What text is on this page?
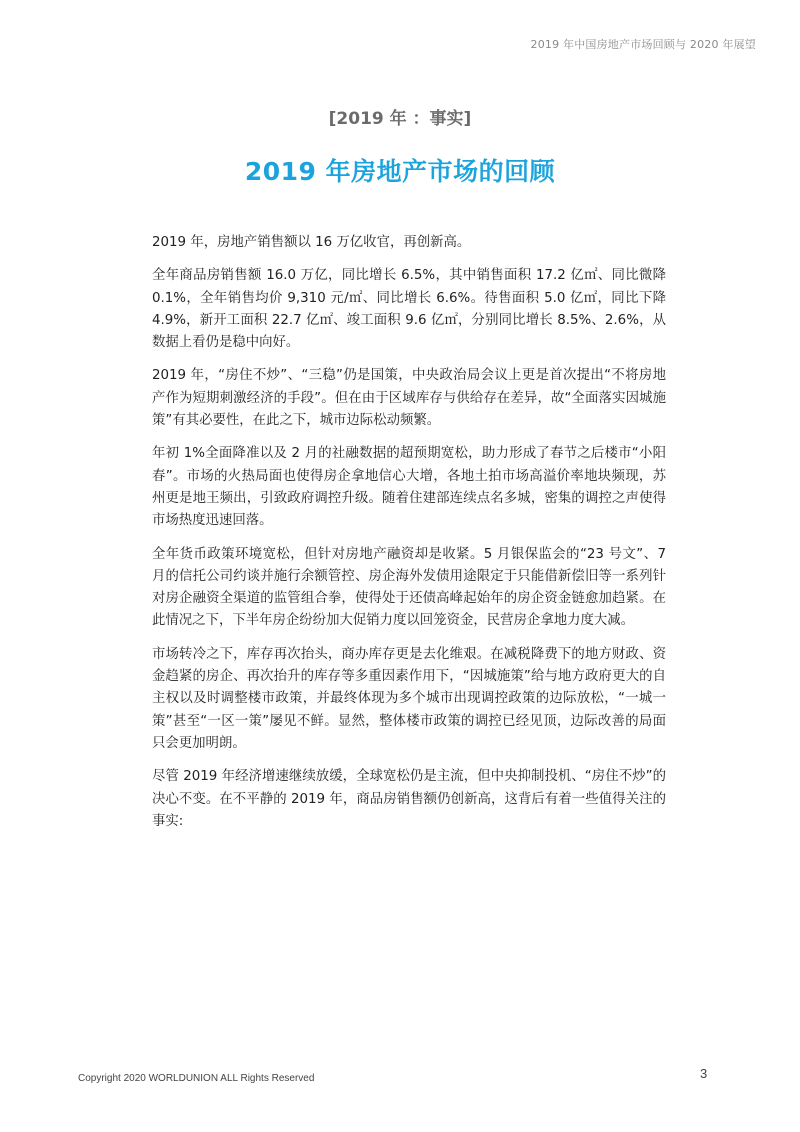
2019 年中国房地产市场回顾与 2020 年展望
[2019 年 ：事实]
2019 年房地产市场的回顾

2019 年，房地产销售额以 16 万亿收官，再创新高。

全年商品房销售额 16.0 万亿，同比增长 6.5%，其中销售面积 17.2 亿㎡、同比微降 0.1%，全年销售均价 9,310 元/㎡、同比增长 6.6%。待售面积 5.0 亿㎡，同比下降 4.9%，新开工面积 22.7 亿㎡、竣工面积 9.6 亿㎡，分别同比增长 8.5%、2.6%，从数据上看仍是稳中向好。

2019 年，“房住不炒”、“三稳”仍是国策，中央政治局会议上更是首次提出“不将房地产作为短期刺激经济的手段”。但在由于区域库存与供给存在差异，故“全面落实因城施策”有其必要性，在此之下，城市边际松动频繁。

年初 1%全面降准以及 2 月的社融数据的超预期宽松，助力形成了春节之后楼市“小阳春”。市场的火热局面也使得房企拿地信心大增，各地土拍市场高溢价率地块频现，苏州更是地王频出，引致政府调控升级。随着住建部连续点名多城，密集的调控之声使得市场热度迅速回落。

全年货币政策环境宽松，但针对房地产融资却是收紧。5 月银保监会的“23 号文”、7 月的信托公司约谈并施行余额管控、房企海外发债用途限定于只能借新偿旧等一系列针对房企融资全渠道的监管组合拳，使得处于还债高峰起始年的房企资金链愈加趋紧。在此情况之下，下半年房企纷纷加大促销力度以回笼资金，民营房企拿地力度大减。

市场转冷之下，库存再次抬头，商办库存更是去化维艰。在减税降费下的地方财政、资金趋紧的房企、再次抬升的库存等多重因素作用下，“因城施策”给与地方政府更大的自主权以及时调整楼市政策，并最终体现为多个城市出现调控政策的边际放松，“一城一策”甚至“一区一策”屡见不鲜。显然，整体楼市政策的调控已经见顶，边际改善的局面只会更加明朗。

尽管 2019 年经济增速继续放缓，全球宽松仍是主流，但中央抑制投机、“房住不炒”的决心不变。在不平静的 2019 年，商品房销售额仍创新高，这背后有着一些值得关注的事实:

Copyright 2020 WORLDUNION ALL Rights Reserved	3
